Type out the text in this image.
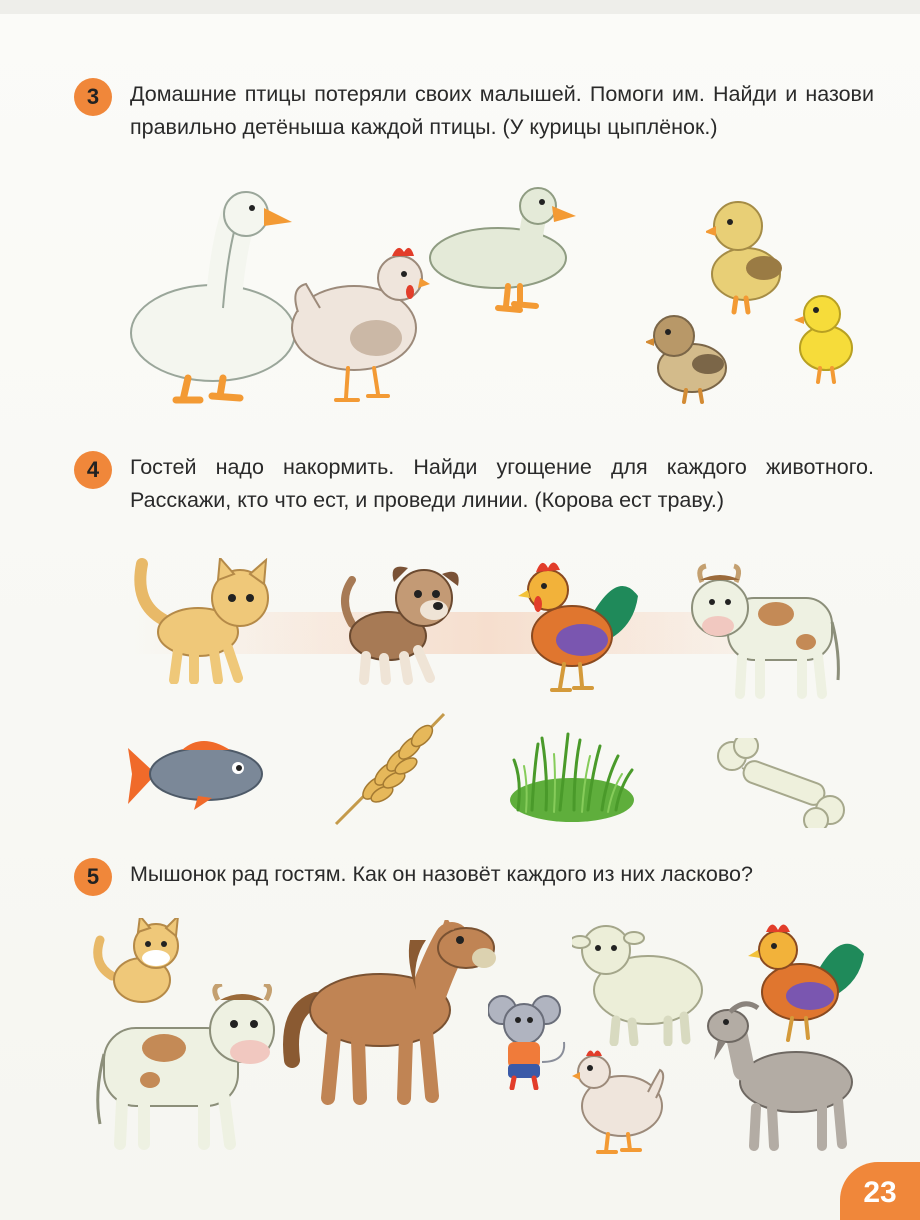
3	Домашние птицы потеряли своих малышей. Помоги им. Найди и назови правильно детёныша каждой птицы. (У курицы цыплёнок.)
4	Гостей надо накормить. Найди угощение для каждого животного. Расскажи, кто что ест, и проведи линии. (Корова ест траву.)
5	Мышонок рад гостям. Как он назовёт каждого из них ласково?
23
